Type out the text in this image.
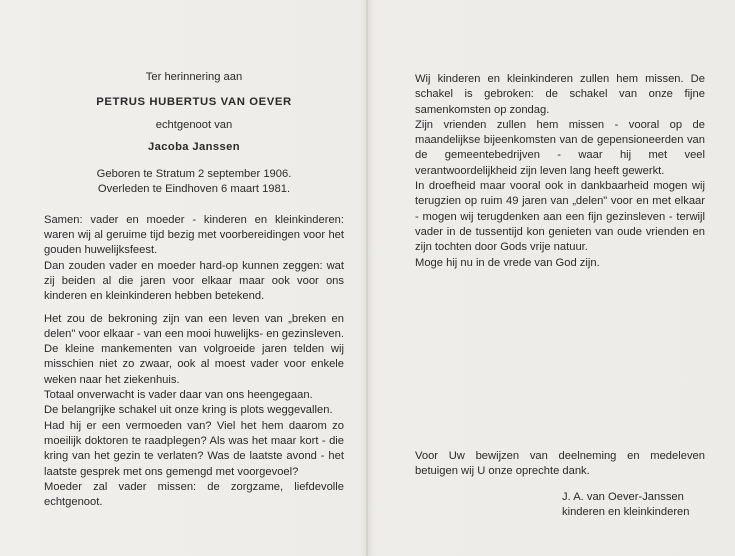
Ter herinnering aan
PETRUS HUBERTUS VAN OEVER
echtgenoot van
Jacoba Janssen
Geboren te Stratum 2 september 1906.
Overleden te Eindhoven 6 maart 1981.

Samen: vader en moeder - kinderen en kleinkinderen: waren wij al geruime tijd bezig met voorbereidingen voor het gouden huwelijksfeest.

Dan zouden vader en moeder hard-op kunnen zeggen: wat zij beiden al die jaren voor elkaar maar ook voor ons kinderen en kleinkinderen hebben betekend.

Het zou de bekroning zijn van een leven van „breken en delen" voor elkaar - van een mooi huwelijks- en gezinsleven.

De kleine mankementen van volgroeide jaren telden wij misschien niet zo zwaar, ook al moest vader voor enkele weken naar het ziekenhuis.

Totaal onverwacht is vader daar van ons heengegaan.

De belangrijke schakel uit onze kring is plots weggevallen.

Had hij er een vermoeden van? Viel het hem daarom zo moeilijk doktoren te raadplegen? Als was het maar kort - die kring van het gezin te verlaten? Was de laatste avond - het laatste gesprek met ons gemengd met voorgevoel?

Moeder zal vader missen: de zorgzame, liefdevolle echtgenoot.

Wij kinderen en kleinkinderen zullen hem missen. De schakel is gebroken: de schakel van onze fijne samenkomsten op zondag.

Zijn vrienden zullen hem missen - vooral op de maandelijkse bijeenkomsten van de gepensioneerden van de gemeentebedrijven - waar hij met veel verantwoordelijkheid zijn leven lang heeft gewerkt.

In droefheid maar vooral ook in dankbaarheid mogen wij terugzien op ruim 49 jaren van „delen" voor en met elkaar - mogen wij terugdenken aan een fijn gezinsleven - terwijl vader in de tussentijd kon genieten van oude vrienden en zijn tochten door Gods vrije natuur.

Moge hij nu in de vrede van God zijn.

Voor Uw bewijzen van deelneming en medeleven betuigen wij U onze oprechte dank.

J. A. van Oever-Janssen
kinderen en kleinkinderen
